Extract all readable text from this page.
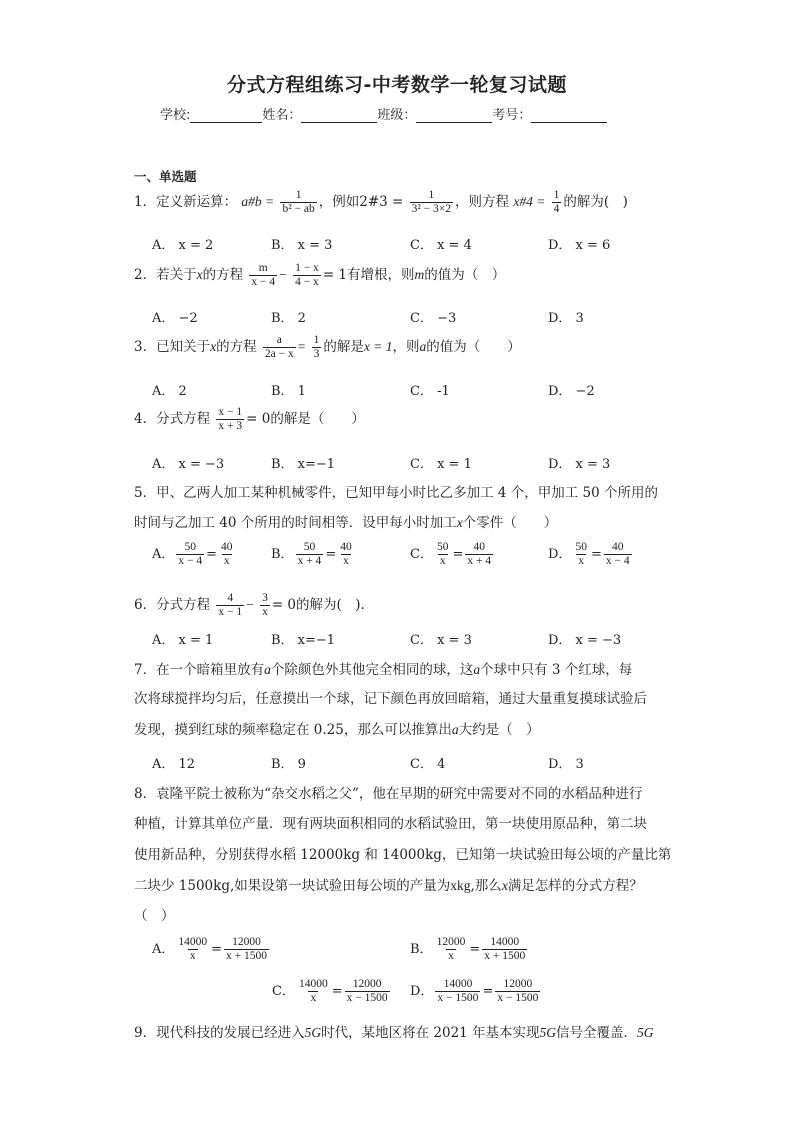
分式方程组练习-中考数学一轮复习试题
学校:	姓名：	班级：	考号：
一、单选题
1．定义新运算： a#b = $\frac{1}{\text{b² − ab}}$ ，例如2#3 = $\frac{1}{\text{3² − 3×2}}$ ，则方程 x#4 = $\frac{1}{4}$ 的解为(　)
A． x = 2	B． x = 3	C． x = 4	D． x = 6
2．若关于x的方程 $\frac{m}{x - 4} - \frac{1 - x}{4 - x} = 1$有增根，则m的值为（　）
A． −2	B． 2	C． −3	D． 3
3．已知关于x的方程 $\frac{a}{2a - x} = \frac{1}{3}$ 的解是x = 1，则a的值为（　　）
A． 2	B． 1	C． -1	D． −2
4．分式方程 $\frac{x - 1}{x + 3} = 0$的解是（　　）
A． x = −3	B． x=−1	C． x = 1	D． x = 3
5．甲、乙两人加工某种机械零件，已知甲每小时比乙多加工 4 个，甲加工 50 个所用的
时间与乙加工 40 个所用的时间相等．设甲每小时加工x个零件（　　）
A． $\frac{50}{x - 4} = \frac{40}{x}$	B． $\frac{50}{x + 4} = \frac{40}{x}$	C． $\frac{50}{x} = \frac{40}{x + 4}$	D． $\frac{50}{x} = \frac{40}{x - 4}$
6．分式方程 $\frac{4}{x - 1} - \frac{3}{x} = 0$的解为(　).
A． x = 1	B． x=−1	C． x = 3	D． x = −3
7．在一个暗箱里放有a个除颜色外其他完全相同的球，这a个球中只有 3 个红球，每
次将球搅拌均匀后，任意摸出一个球，记下颜色再放回暗箱，通过大量重复摸球试验后
发现，摸到红球的频率稳定在 0.25，那么可以推算出a大约是（　）
A． 12	B． 9	C． 4	D． 3
8．袁隆平院士被称为“杂交水稻之父”，他在早期的研究中需要对不同的水稻品种进行
种植，计算其单位产量．现有两块面积相同的水稻试验田，第一块使用原品种，第二块
使用新品种，分别获得水稻 12000kg 和 14000kg，已知第一块试验田每公顷的产量比第
二块少 1500kg,如果设第一块试验田每公顷的产量为xkg,那么x满足怎样的分式方程？
（　）
A． $\frac{14000}{x} = \frac{12000}{x + 1500}$	B． $\frac{12000}{x} = \frac{14000}{x + 1500}$
C． $\frac{14000}{x} = \frac{12000}{x - 1500}$ D． $\frac{14000}{x - 1500} = \frac{12000}{x - 1500}$
9．现代科技的发展已经进入5G时代，某地区将在 2021 年基本实现5G信号全覆盖．5G
